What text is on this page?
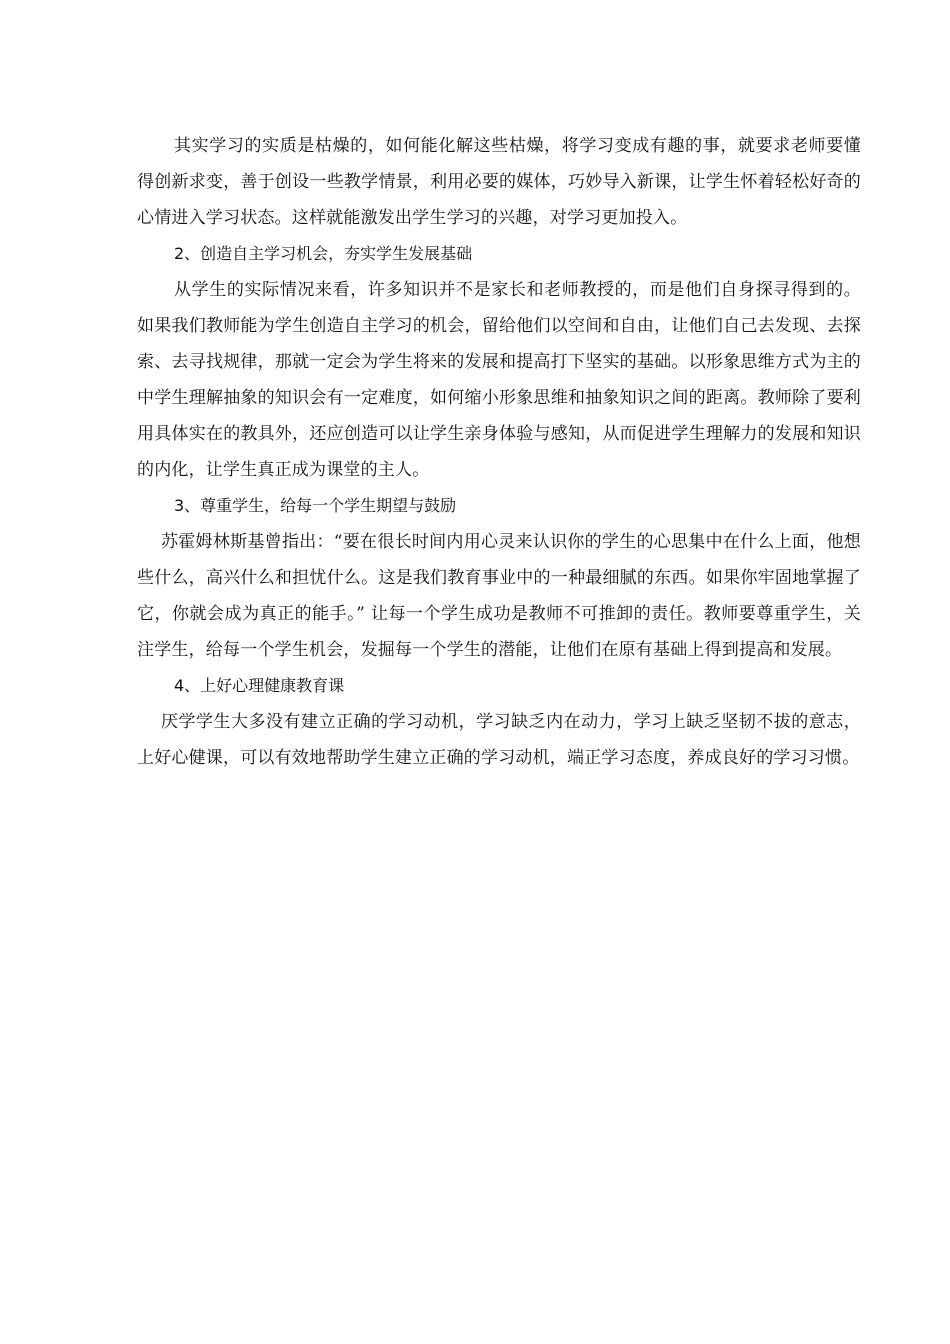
其实学习的实质是枯燥的，如何能化解这些枯燥，将学习变成有趣的事，就要求老师要懂得创新求变，善于创设一些教学情景，利用必要的媒体，巧妙导入新课，让学生怀着轻松好奇的心情进入学习状态。这样就能激发出学生学习的兴趣，对学习更加投入。

2、创造自主学习机会，夯实学生发展基础

从学生的实际情况来看，许多知识并不是家长和老师教授的，而是他们自身探寻得到的。如果我们教师能为学生创造自主学习的机会，留给他们以空间和自由，让他们自己去发现、去探索、去寻找规律，那就一定会为学生将来的发展和提高打下坚实的基础。以形象思维方式为主的中学生理解抽象的知识会有一定难度，如何缩小形象思维和抽象知识之间的距离。教师除了要利用具体实在的教具外，还应创造可以让学生亲身体验与感知，从而促进学生理解力的发展和知识的内化，让学生真正成为课堂的主人。

3、尊重学生，给每一个学生期望与鼓励

苏霍姆林斯基曾指出：“要在很长时间内用心灵来认识你的学生的心思集中在什么上面，他想些什么，高兴什么和担忧什么。这是我们教育事业中的一种最细腻的东西。如果你牢固地掌握了它，你就会成为真正的能手。” 让每一个学生成功是教师不可推卸的责任。教师要尊重学生，关注学生，给每一个学生机会，发掘每一个学生的潜能，让他们在原有基础上得到提高和发展。

4、上好心理健康教育课

厌学学生大多没有建立正确的学习动机，学习缺乏内在动力，学习上缺乏坚韧不拔的意志，上好心健课，可以有效地帮助学生建立正确的学习动机，端正学习态度，养成良好的学习习惯。
